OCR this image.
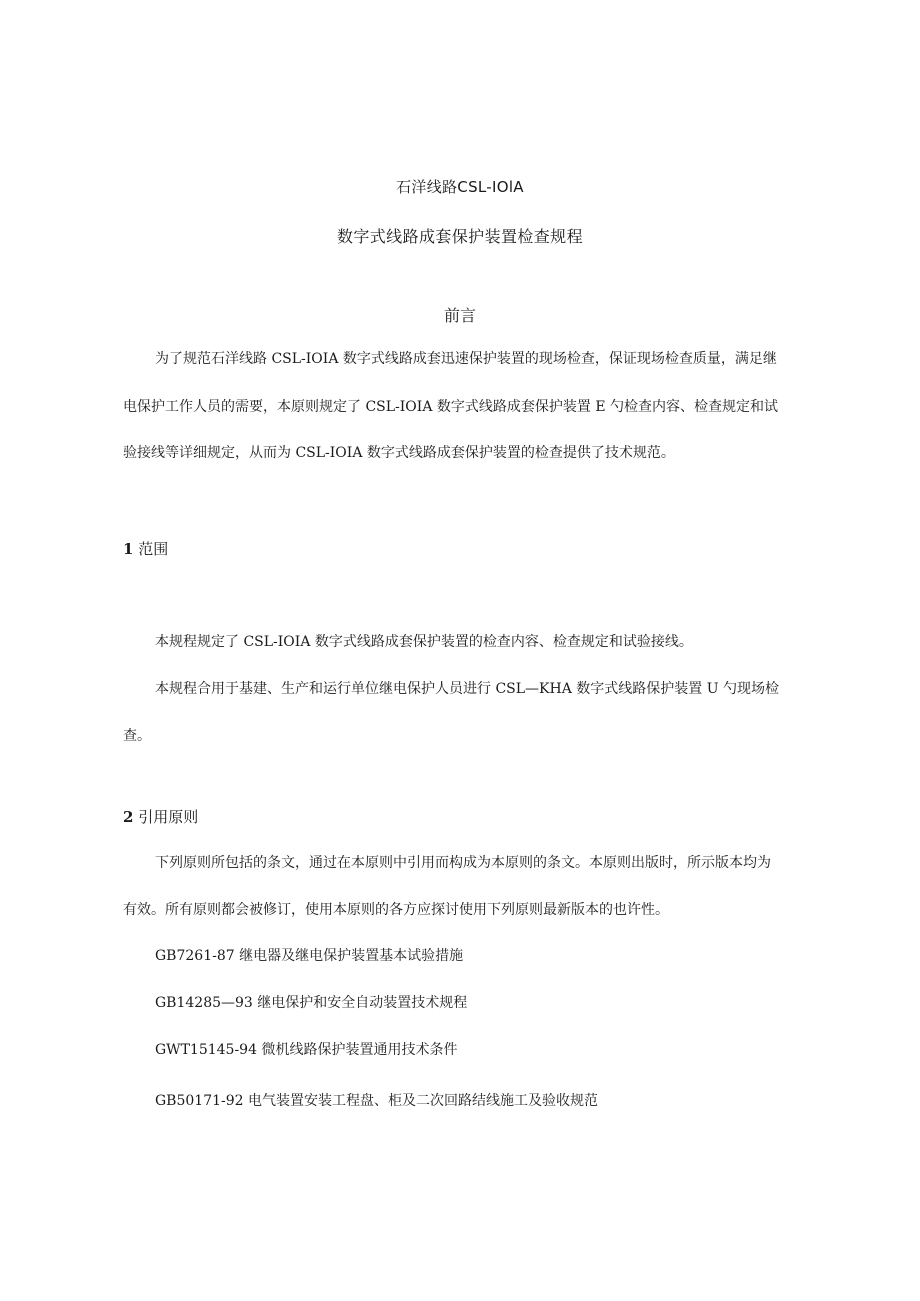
石洋线路CSL-IOlA
数字式线路成套保护装置检查规程
前言
为了规范石洋线路 CSL-IOIA 数字式线路成套迅速保护装置的现场检查，保证现场检查质量，满足继
电保护工作人员的需要，本原则规定了 CSL-IOIA 数字式线路成套保护装置 E 勺检查内容、检查规定和试
验接线等详细规定，从而为 CSL-IOIA 数字式线路成套保护装置的检查提供了技术规范。
1 范围
本规程规定了 CSL-IOIA 数字式线路成套保护装置的检查内容、检查规定和试验接线。
本规程合用于基建、生产和运行单位继电保护人员进行 CSL—KHA 数字式线路保护装置 U 勺现场检
查。
2 引用原则
下列原则所包括的条文，通过在本原则中引用而构成为本原则的条文。本原则出版时，所示版本均为
有效。所有原则都会被修订，使用本原则的各方应探讨使用下列原则最新版本的也许性。
GB7261-87 继电器及继电保护装置基本试验措施
GB14285—93 继电保护和安全自动装置技术规程
GWT15145-94 微机线路保护装置通用技术条件
GB50171-92 电气装置安装工程盘、柜及二次回路结线施工及验收规范
